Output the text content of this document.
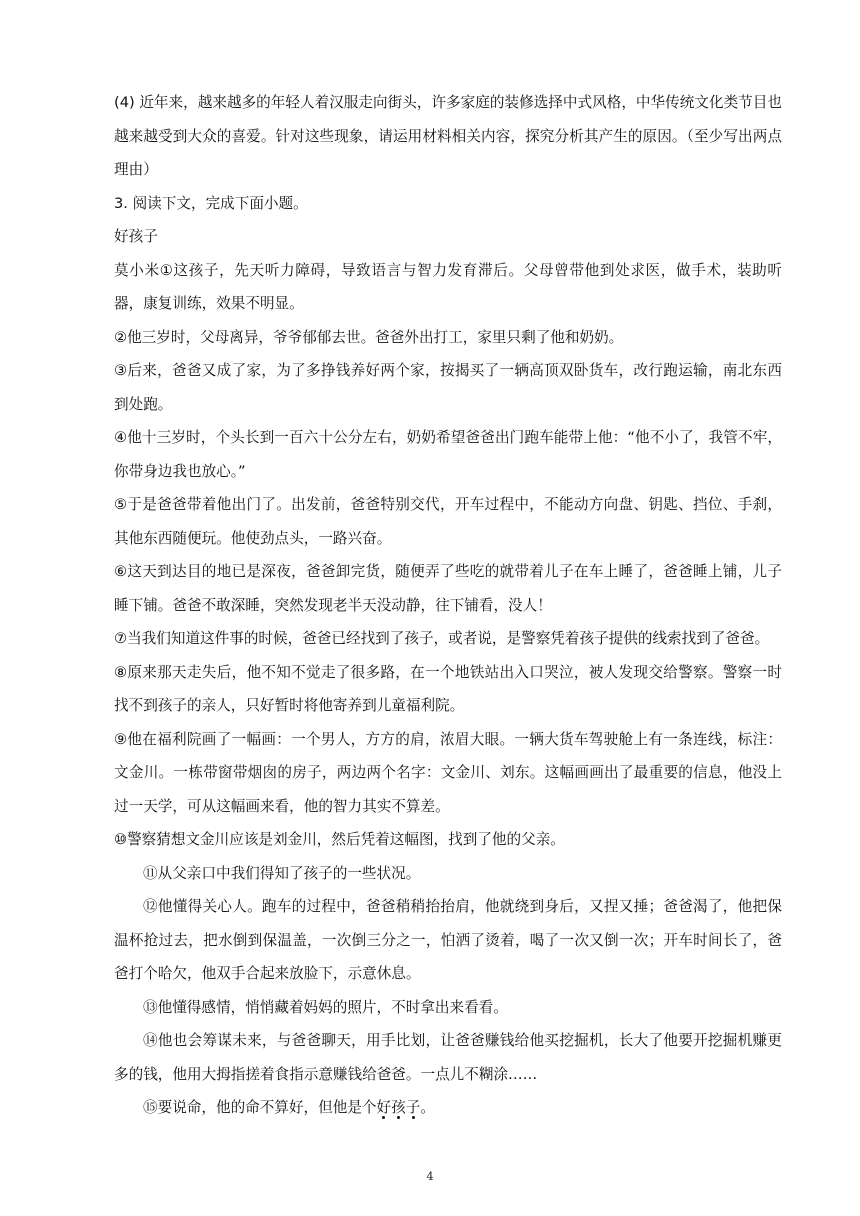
(4) 近年来，越来越多的年轻人着汉服走向街头，许多家庭的装修选择中式风格，中华传统文化类节目也越来越受到大众的喜爱。针对这些现象，请运用材料相关内容，探究分析其产生的原因。（至少写出两点理由）

3. 阅读下文，完成下面小题。

好孩子

莫小米①这孩子，先天听力障碍，导致语言与智力发育滞后。父母曾带他到处求医，做手术，装助听器，康复训练，效果不明显。

②他三岁时，父母离异，爷爷郁郁去世。爸爸外出打工，家里只剩了他和奶奶。

③后来，爸爸又成了家，为了多挣钱养好两个家，按揭买了一辆高顶双卧货车，改行跑运输，南北东西到处跑。

④他十三岁时，个头长到一百六十公分左右，奶奶希望爸爸出门跑车能带上他：“他不小了，我管不牢，你带身边我也放心。”

⑤于是爸爸带着他出门了。出发前，爸爸特别交代，开车过程中，不能动方向盘、钥匙、挡位、手刹，其他东西随便玩。他使劲点头，一路兴奋。

⑥这天到达目的地已是深夜，爸爸卸完货，随便弄了些吃的就带着儿子在车上睡了，爸爸睡上铺，儿子睡下铺。爸爸不敢深睡，突然发现老半天没动静，往下铺看，没人！

⑦当我们知道这件事的时候，爸爸已经找到了孩子，或者说，是警察凭着孩子提供的线索找到了爸爸。

⑧原来那天走失后，他不知不觉走了很多路，在一个地铁站出入口哭泣，被人发现交给警察。警察一时找不到孩子的亲人，只好暂时将他寄养到儿童福利院。

⑨他在福利院画了一幅画：一个男人，方方的肩，浓眉大眼。一辆大货车驾驶舱上有一条连线，标注：文金川。一栋带窗带烟囱的房子，两边两个名字：文金川、刘东。这幅画画出了最重要的信息，他没上过一天学，可从这幅画来看，他的智力其实不算差。

⑩警察猜想文金川应该是刘金川，然后凭着这幅图，找到了他的父亲。

⑪从父亲口中我们得知了孩子的一些状况。

⑫他懂得关心人。跑车的过程中，爸爸稍稍抬抬肩，他就绕到身后，又捏又捶；爸爸渴了，他把保温杯抢过去，把水倒到保温盖，一次倒三分之一，怕洒了烫着，喝了一次又倒一次；开车时间长了，爸爸打个哈欠，他双手合起来放脸下，示意休息。

⑬他懂得感情，悄悄藏着妈妈的照片，不时拿出来看看。

⑭他也会筹谋未来，与爸爸聊天，用手比划，让爸爸赚钱给他买挖掘机，长大了他要开挖掘机赚更多的钱，他用大拇指搓着食指示意赚钱给爸爸。一点儿不糊涂……

⑮要说命，他的命不算好，但他是个好
孩
子
。

4
